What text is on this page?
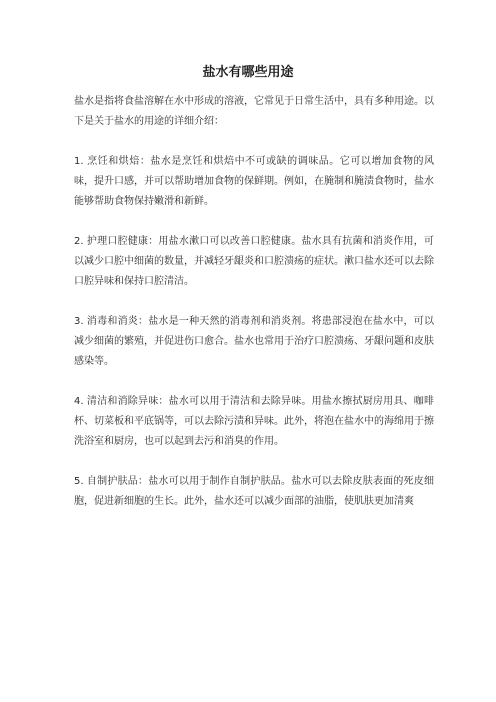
盐水有哪些用途

盐水是指将食盐溶解在水中形成的溶液，它常见于日常生活中，具有多种用途。以下是关于盐水的用途的详细介绍：

1. 烹饪和烘焙：盐水是烹饪和烘焙中不可或缺的调味品。它可以增加食物的风味，提升口感，并可以帮助增加食物的保鲜期。例如，在腌制和腌渍食物时，盐水能够帮助食物保持嫩滑和新鲜。

2. 护理口腔健康：用盐水漱口可以改善口腔健康。盐水具有抗菌和消炎作用，可以减少口腔中细菌的数量，并减轻牙龈炎和口腔溃疡的症状。漱口盐水还可以去除口腔异味和保持口腔清洁。

3. 消毒和消炎：盐水是一种天然的消毒剂和消炎剂。将患部浸泡在盐水中，可以减少细菌的繁殖，并促进伤口愈合。盐水也常用于治疗口腔溃疡、牙龈问题和皮肤感染等。

4. 清洁和消除异味：盐水可以用于清洁和去除异味。用盐水擦拭厨房用具、咖啡杯、切菜板和平底锅等，可以去除污渍和异味。此外，将泡在盐水中的海绵用于擦洗浴室和厨房，也可以起到去污和消臭的作用。

5. 自制护肤品：盐水可以用于制作自制护肤品。盐水可以去除皮肤表面的死皮细胞，促进新细胞的生长。此外，盐水还可以减少面部的油脂，使肌肤更加清爽
